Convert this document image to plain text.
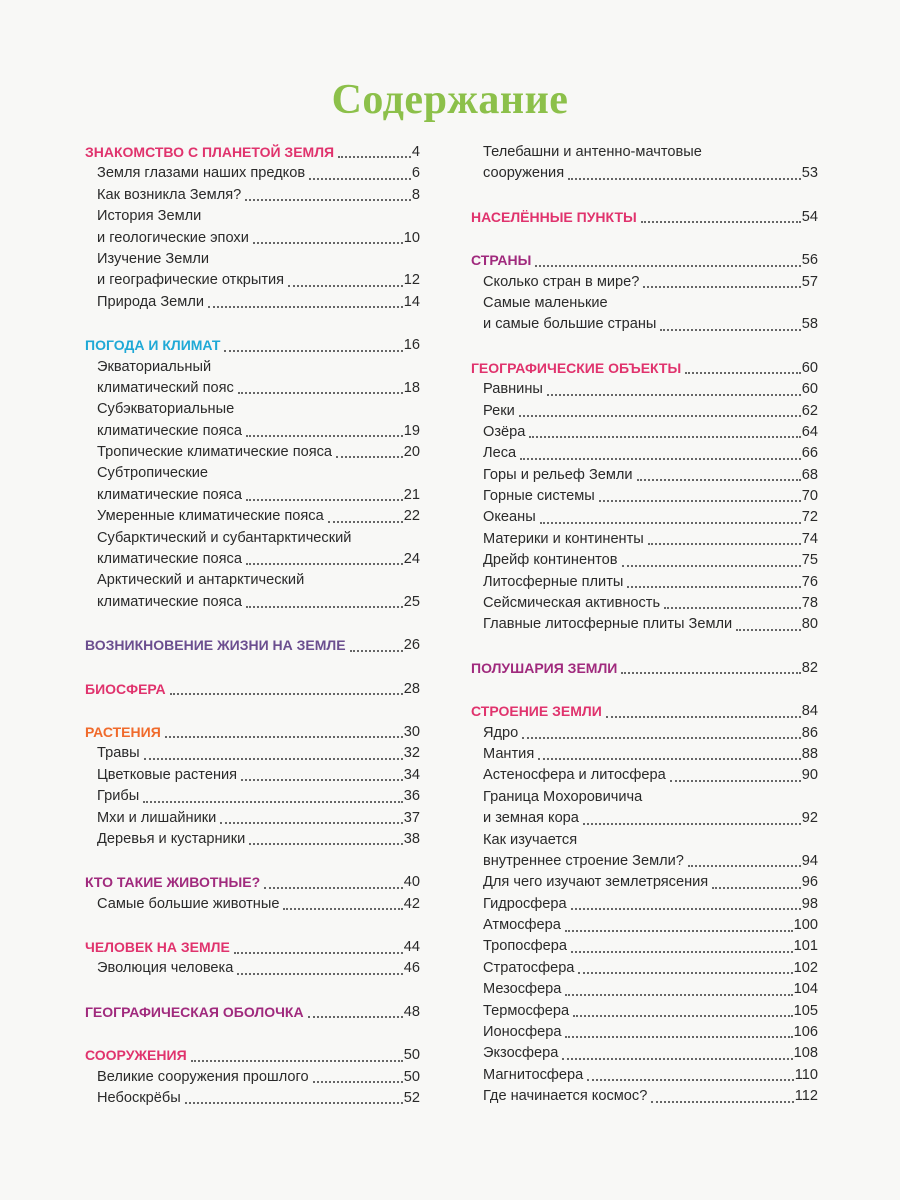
Содержание
ЗНАКОМСТВО С ПЛАНЕТОЙ ЗЕМЛЯ	4
Земля глазами наших предков	6
Как возникла Земля?	8
История Земли
и геологические эпохи	10
Изучение Земли
и географические открытия	12
Природа Земли	14
ПОГОДА И КЛИМАТ	16
Экваториальный
климатический пояс	18
Субэкваториальные
климатические пояса	19
Тропические климатические пояса	20
Субтропические
климатические пояса	21
Умеренные климатические пояса	22
Субарктический и субантарктический
климатические пояса	24
Арктический и антарктический
климатические пояса	25
ВОЗНИКНОВЕНИЕ ЖИЗНИ НА ЗЕМЛЕ	26
БИОСФЕРА	28
РАСТЕНИЯ	30
Травы	32
Цветковые растения	34
Грибы	36
Мхи и лишайники	37
Деревья и кустарники	38
КТО ТАКИЕ ЖИВОТНЫЕ?	40
Самые большие животные	42
ЧЕЛОВЕК НА ЗЕМЛЕ	44
Эволюция человека	46
ГЕОГРАФИЧЕСКАЯ ОБОЛОЧКА	48
СООРУЖЕНИЯ	50
Великие сооружения прошлого	50
Небоскрёбы	52
Телебашни и антенно-мачтовые
сооружения	53
НАСЕЛЁННЫЕ ПУНКТЫ	54
СТРАНЫ	56
Сколько стран в мире?	57
Самые маленькие
и самые большие страны	58
ГЕОГРАФИЧЕСКИЕ ОБЪЕКТЫ	60
Равнины	60
Реки	62
Озёра	64
Леса	66
Горы и рельеф Земли	68
Горные системы	70
Океаны	72
Материки и континенты	74
Дрейф континентов	75
Литосферные плиты	76
Сейсмическая активность	78
Главные литосферные плиты Земли	80
ПОЛУШАРИЯ ЗЕМЛИ	82
СТРОЕНИЕ ЗЕМЛИ	84
Ядро	86
Мантия	88
Астеносфера и литосфера	90
Граница Мохоровичича
и земная кора	92
Как изучается
внутреннее строение Земли?	94
Для чего изучают землетрясения	96
Гидросфера	98
Атмосфера	100
Тропосфера	101
Стратосфера	102
Мезосфера	104
Термосфера	105
Ионосфера	106
Экзосфера	108
Магнитосфера	110
Где начинается космос?	112
